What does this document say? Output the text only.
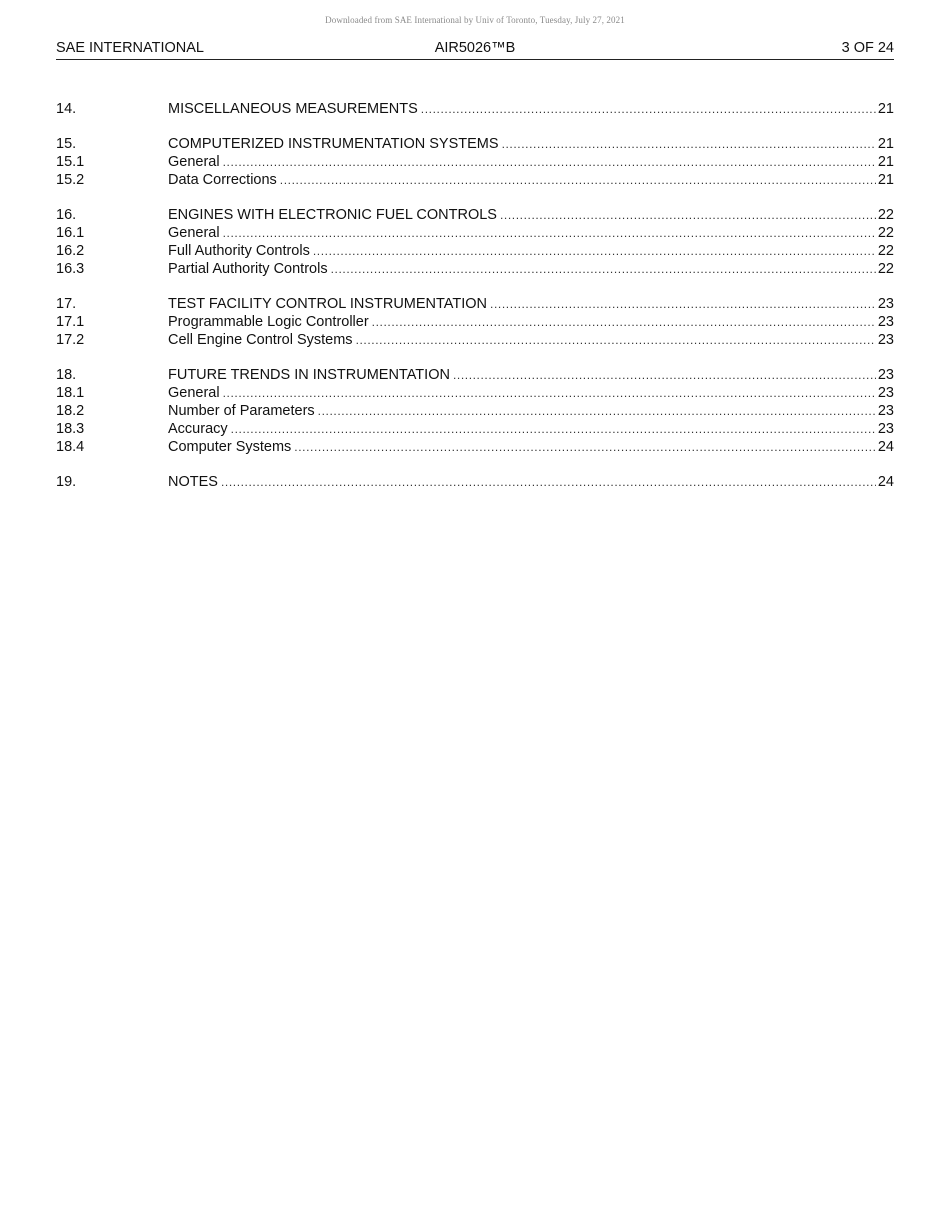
Downloaded from SAE International by Univ of Toronto, Tuesday, July 27, 2021
SAE INTERNATIONAL	AIR5026™B	3 OF 24
14.	MISCELLANEOUS MEASUREMENTS .....	21
15.	COMPUTERIZED INSTRUMENTATION SYSTEMS .....	21
15.1	General .....	21
15.2	Data Corrections .....	21
16.	ENGINES WITH ELECTRONIC FUEL CONTROLS .....	22
16.1	General .....	22
16.2	Full Authority Controls .....	22
16.3	Partial Authority Controls .....	22
17.	TEST FACILITY CONTROL INSTRUMENTATION .....	23
17.1	Programmable Logic Controller .....	23
17.2	Cell Engine Control Systems .....	23
18.	FUTURE TRENDS IN INSTRUMENTATION .....	23
18.1	General .....	23
18.2	Number of Parameters .....	23
18.3	Accuracy .....	23
18.4	Computer Systems .....	24
19.	NOTES .....	24
